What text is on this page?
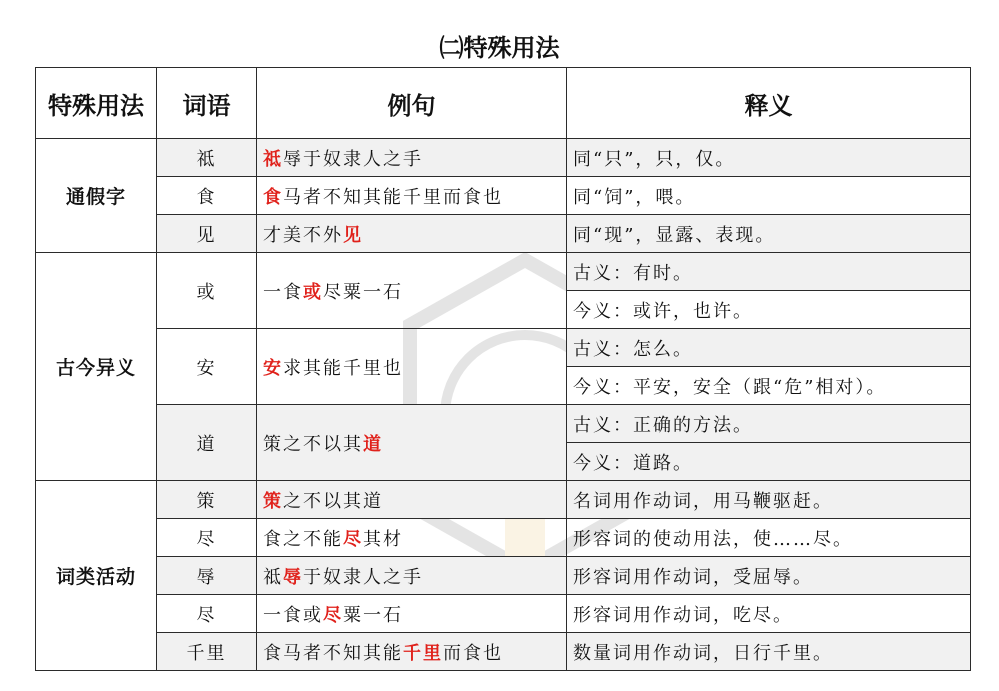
㈡特殊用法
特殊用法	词语	例句	释义
通假字	祗	祗辱于奴隶人之手	同“只”，只，仅。
	食	食马者不知其能千里而食也	同“饲”，喂。
	见	才美不外见	同“现”，显露、表现。
古今异义	或	一食或尽粟一石	古义：有时。
			今义：或许，也许。
	安	安求其能千里也	古义：怎么。
			今义：平安，安全（跟“危”相对）。
	道	策之不以其道	古义：正确的方法。
			今义：道路。
词类活动	策	策之不以其道	名词用作动词，用马鞭驱赶。
	尽	食之不能尽其材	形容词的使动用法，使……尽。
	辱	祗辱于奴隶人之手	形容词用作动词，受屈辱。
	尽	一食或尽粟一石	形容词用作动词，吃尽。
	千里	食马者不知其能千里而食也	数量词用作动词，日行千里。
